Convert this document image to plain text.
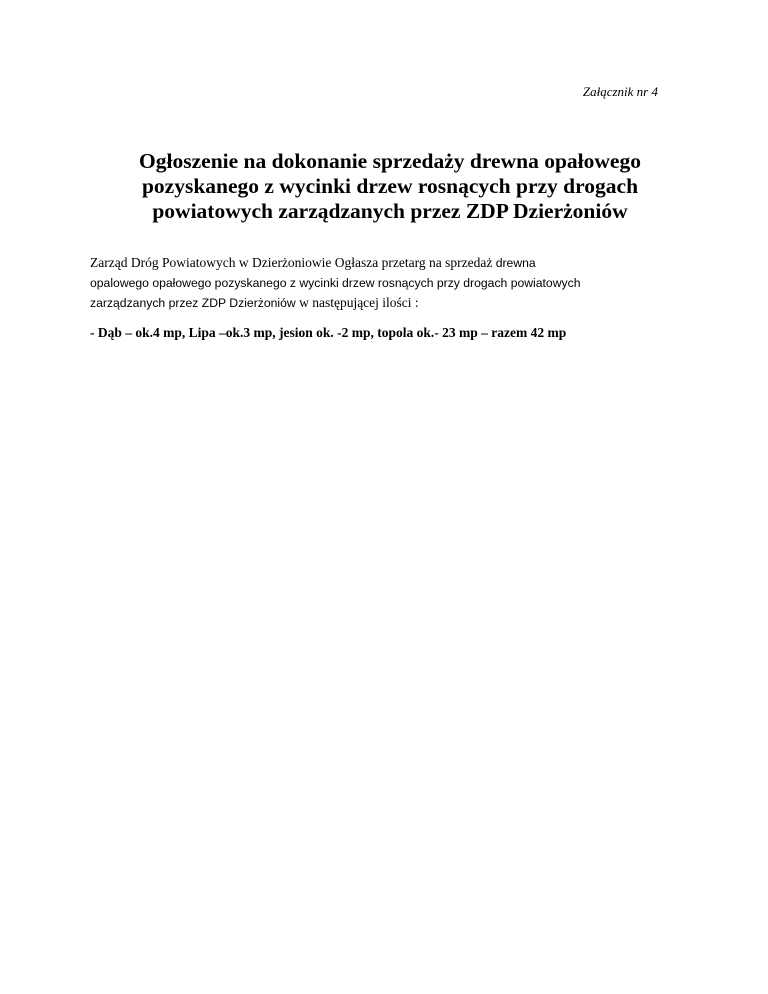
Załącznik nr 4
Ogłoszenie na dokonanie sprzedaży drewna opałowego
pozyskanego z wycinki drzew rosnących przy drogach
powiatowych zarządzanych przez ZDP Dzierżoniów
Zarząd Dróg Powiatowych w Dzierżoniowie Ogłasza przetarg na sprzedaż drewna
opalowego opałowego pozyskanego z wycinki drzew rosnących przy drogach powiatowych
zarządzanych przez ZDP Dzierżoniów w następującej ilości :
- Dąb – ok.4 mp, Lipa –ok.3 mp, jesion ok. -2 mp, topola ok.- 23 mp – razem 42 mp
